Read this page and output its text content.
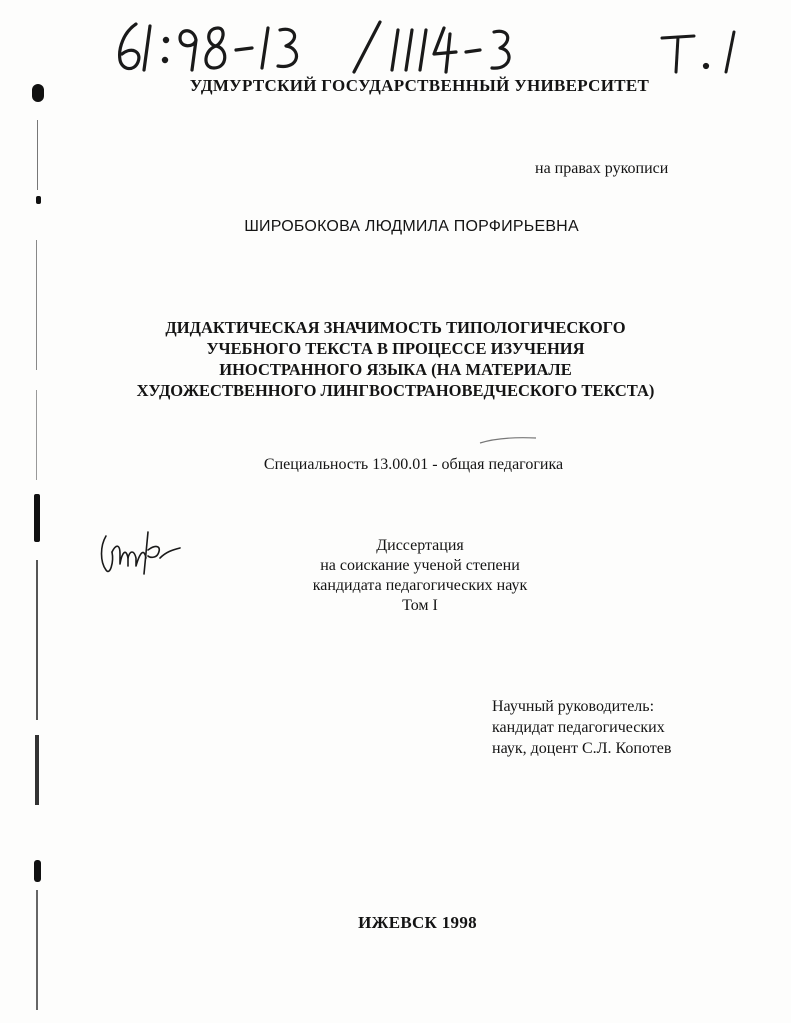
УДМУРТСКИЙ ГОСУДАРСТВЕННЫЙ УНИВЕРСИТЕТ
на правах рукописи
ШИРОБОКОВА ЛЮДМИЛА ПОРФИРЬЕВНА
ДИДАКТИЧЕСКАЯ ЗНАЧИМОСТЬ ТИПОЛОГИЧЕСКОГО
УЧЕБНОГО ТЕКСТА В ПРОЦЕССЕ ИЗУЧЕНИЯ
ИНОСТРАННОГО ЯЗЫКА (НА МАТЕРИАЛЕ
ХУДОЖЕСТВЕННОГО ЛИНГВОСТРАНОВЕДЧЕСКОГО ТЕКСТА)
Специальность 13.00.01 - общая педагогика
Диссертация
на соискание ученой степени
кандидата педагогических наук
Том I
Научный руководитель:
кандидат педагогических
наук, доцент С.Л. Копотев
ИЖЕВСК 1998
